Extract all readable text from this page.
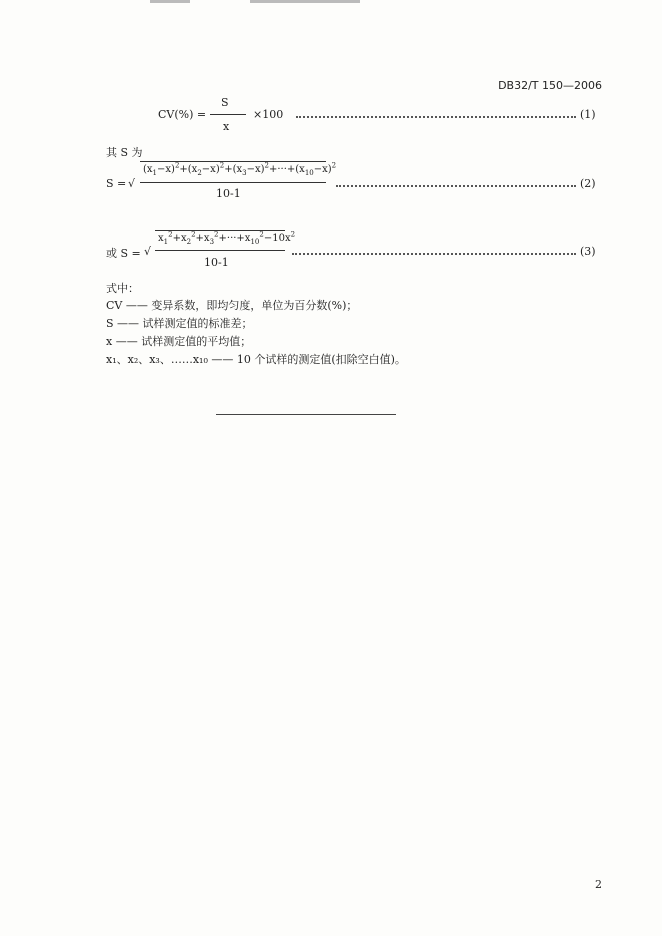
DB32/T 150—2006
CV(%) =
S
x
×100	(1)
其 S 为
S = √
$(x_1-x)^2+(x_2-x)^2+(x_3-x)^2+\cdot\cdot\cdot+(x_{10}-x)^2$
10-1
(2)
或 S = √
$x_1^2+x_2^2+x_3^2+\cdot\cdot\cdot+x_{10}^2-10x^2$
10-1
(3)
式中：
CV —— 变异系数，即均匀度，单位为百分数(%)；
S —— 试样测定值的标准差；
x —— 试样测定值的平均值；
x₁、x₂、x₃、……x₁₀ —— 10 个试样的测定值(扣除空白值)。
2
